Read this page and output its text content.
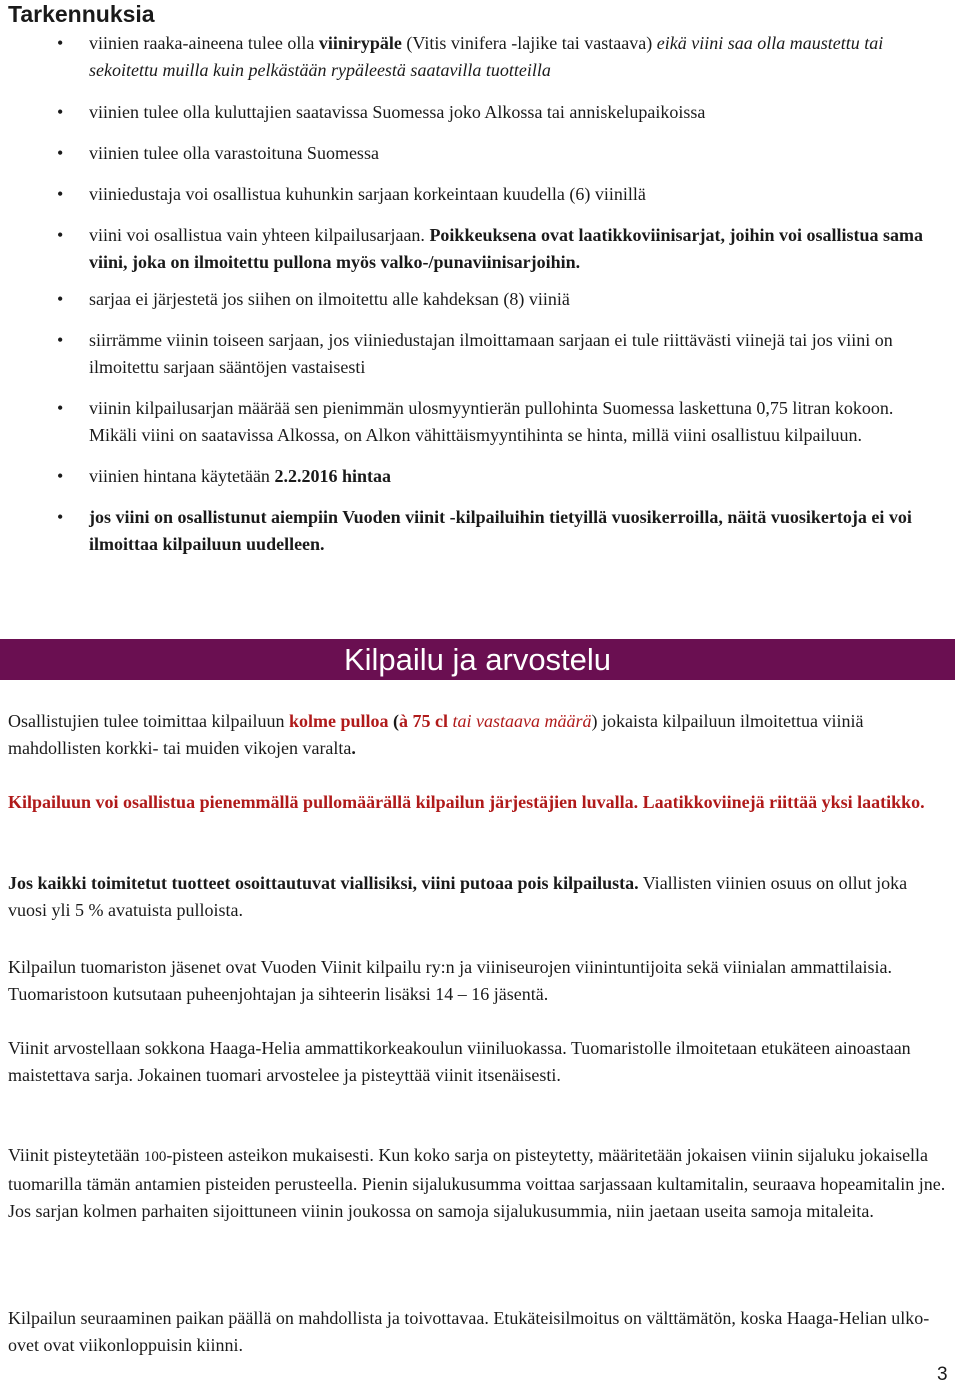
Tarkennuksia
• viinien raaka-aineena tulee olla viinirypäle (Vitis vinifera -lajike tai vastaava) eikä viini saa olla maustettu tai sekoitettu muilla kuin pelkästään rypäleestä saatavilla tuotteilla
• viinien tulee olla kuluttajien saatavissa Suomessa joko Alkossa tai anniskelupaikoissa
• viinien tulee olla varastoituna Suomessa
• viiniedustaja voi osallistua kuhunkin sarjaan korkeintaan kuudella (6) viinillä
• viini voi osallistua vain yhteen kilpailusarjaan. Poikkeuksena ovat laatikkoviinisarjat, joihin voi osallistua sama viini, joka on ilmoitettu pullona myös valko-/punaviinisarjoihin.
• sarjaa ei järjestetä jos siihen on ilmoitettu alle kahdeksan (8) viiniä
• siirrämme viinin toiseen sarjaan, jos viiniedustajan ilmoittamaan sarjaan ei tule riittävästi viinejä tai jos viini on ilmoitettu sarjaan sääntöjen vastaisesti
• viinin kilpailusarjan määrää sen pienimmän ulosmyyntierän pullohinta Suomessa laskettuna 0,75 litran kokoon. Mikäli viini on saatavissa Alkossa, on Alkon vähittäismyyntihinta se hinta, millä viini osallistuu kilpailuun.
• viinien hintana käytetään 2.2.2016 hintaa
• jos viini on osallistunut aiempiin Vuoden viinit -kilpailuihin tietyillä vuosikerroilla, näitä vuosikertoja ei voi ilmoittaa kilpailuun uudelleen.
Kilpailu ja arvostelu

Osallistujien tulee toimittaa kilpailuun kolme pulloa (à 75 cl tai vastaava määrä) jokaista kilpailuun ilmoitettua viiniä mahdollisten korkki- tai muiden vikojen varalta.

Kilpailuun voi osallistua pienemmällä pullomäärällä kilpailun järjestäjien luvalla. Laatikkoviinejä riittää yksi laatikko.

Jos kaikki toimitetut tuotteet osoittautuvat viallisiksi, viini putoaa pois kilpailusta. Viallisten viinien osuus on ollut joka vuosi yli 5 % avatuista pulloista.

Kilpailun tuomariston jäsenet ovat Vuoden Viinit kilpailu ry:n ja viiniseurojen viinintuntijoita sekä viinialan ammattilaisia. Tuomaristoon kutsutaan puheenjohtajan ja sihteerin lisäksi 14 – 16 jäsentä.

Viinit arvostellaan sokkona Haaga-Helia ammattikorkeakoulun viiniluokassa. Tuomaristolle ilmoitetaan etukäteen ainoastaan maistettava sarja. Jokainen tuomari arvostelee ja pisteyttää viinit itsenäisesti.

Viinit pisteytetään 100-pisteen asteikon mukaisesti. Kun koko sarja on pisteytetty, määritetään jokaisen viinin sijaluku jokaisella tuomarilla tämän antamien pisteiden perusteella. Pienin sijalukusumma voittaa sarjassaan kultamitalin, seuraava hopeamitalin jne. Jos sarjan kolmen parhaiten sijoittuneen viinin joukossa on samoja sijalukusummia, niin jaetaan useita samoja mitaleita.

Kilpailun seuraaminen paikan päällä on mahdollista ja toivottavaa. Etukäteisilmoitus on välttämätön, koska Haaga-Helian ulko-ovet ovat viikonloppuisin kiinni.

3
